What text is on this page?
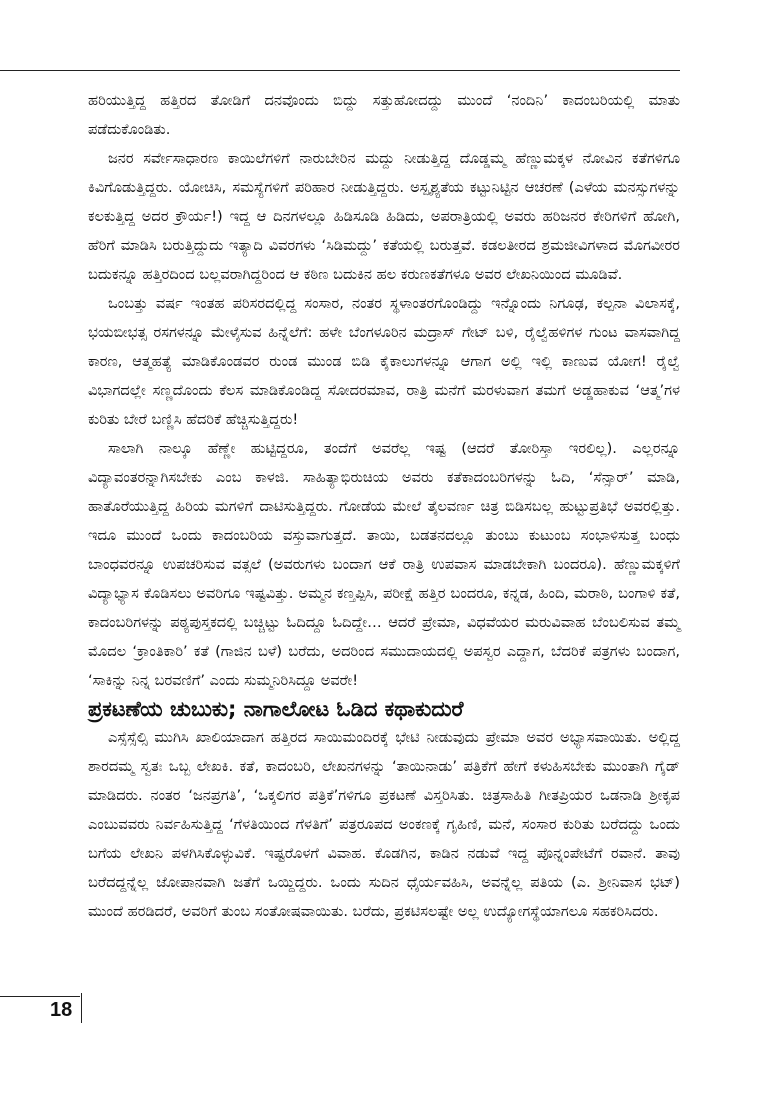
ಹರಿಯುತ್ತಿದ್ದ ಹತ್ತಿರದ ತೋಡಿಗೆ ದನವೊಂದು ಬಿದ್ದು ಸತ್ತುಹೋದದ್ದು ಮುಂದೆ ‘ನಂದಿನಿ’ ಕಾದಂಬರಿಯಲ್ಲಿ ಮಾತು ಪಡೆದುಕೊಂಡಿತು.

ಜನರ ಸರ್ವೇಸಾಧಾರಣ ಕಾಯಿಲೆಗಳಿಗೆ ನಾರುಬೇರಿನ ಮದ್ದು ನೀಡುತ್ತಿದ್ದ ದೊಡ್ಡಮ್ಮ ಹೆಣ್ಣುಮಕ್ಕಳ ನೋವಿನ ಕತೆಗಳಿಗೂ ಕಿವಿಗೊಡುತ್ತಿದ್ದರು. ಯೋಚಿಸಿ, ಸಮಸ್ಯೆಗಳಿಗೆ ಪರಿಹಾರ ನೀಡುತ್ತಿದ್ದರು. ಅಸ್ಪೃಶ್ಯತೆಯ ಕಟ್ಟುನಿಟ್ಟಿನ ಆಚರಣೆ (ಎಳೆಯ ಮನಸ್ಸುಗಳನ್ನು ಕಲಕುತ್ತಿದ್ದ ಅದರ ಕ್ರೌರ್ಯ!) ಇದ್ದ ಆ ದಿನಗಳಲ್ಲೂ ಹಿಡಿಸೂಡಿ ಹಿಡಿದು, ಅಪರಾತ್ರಿಯಲ್ಲಿ ಅವರು ಹರಿಜನರ ಕೇರಿಗಳಿಗೆ ಹೋಗಿ, ಹೆರಿಗೆ ಮಾಡಿಸಿ ಬರುತ್ತಿದ್ದುದು ಇತ್ಯಾದಿ ವಿವರಗಳು ‘ಸಿಡಿಮದ್ದು’ ಕತೆಯಲ್ಲಿ ಬರುತ್ತವೆ. ಕಡಲತೀರದ ಶ್ರಮಜೀವಿಗಳಾದ ಮೊಗವೀರರ ಬದುಕನ್ನೂ ಹತ್ತಿರದಿಂದ ಬಲ್ಲವರಾಗಿದ್ದರಿಂದ ಆ ಕಠಿಣ ಬದುಕಿನ ಹಲ ಕರುಣಕತೆಗಳೂ ಅವರ ಲೇಖನಿಯಿಂದ ಮೂಡಿವೆ.

ಒಂಬತ್ತು ವರ್ಷ ಇಂತಹ ಪರಿಸರದಲ್ಲಿದ್ದ ಸಂಸಾರ, ನಂತರ ಸ್ಥಳಾಂತರಗೊಂಡಿದ್ದು ಇನ್ನೊಂದು ನಿಗೂಢ, ಕಲ್ಪನಾ ವಿಲಾಸಕ್ಕೆ, ಭಯಬೀಭತ್ಸ ರಸಗಳನ್ನೂ ಮೇಳೈಸುವ ಹಿನ್ನೆಲೆಗೆ: ಹಳೇ ಬೆಂಗಳೂರಿನ ಮದ್ರಾಸ್ ಗೇಟ್ ಬಳಿ, ರೈಲ್ವೆಹಳಿಗಳ ಗುಂಟ ವಾಸವಾಗಿದ್ದ ಕಾರಣ, ಆತ್ಮಹತ್ಯೆ ಮಾಡಿಕೊಂಡವರ ರುಂಡ ಮುಂಡ ಬಿಡಿ ಕೈಕಾಲುಗಳನ್ನೂ ಆಗಾಗ ಅಲ್ಲಿ ಇಲ್ಲಿ ಕಾಣುವ ಯೋಗ! ರೈಲ್ವೆ ವಿಭಾಗದಲ್ಲೇ ಸಣ್ಣದೊಂದು ಕೆಲಸ ಮಾಡಿಕೊಂಡಿದ್ದ ಸೋದರಮಾವ, ರಾತ್ರಿ ಮನೆಗೆ ಮರಳುವಾಗ ತಮಗೆ ಅಡ್ಡಹಾಕುವ ‘ಆತ್ಮ’ಗಳ ಕುರಿತು ಬೇರೆ ಬಣ್ಣಿಸಿ ಹೆದರಿಕೆ ಹೆಚ್ಚಿಸುತ್ತಿದ್ದರು!

ಸಾಲಾಗಿ ನಾಲ್ಕೂ ಹೆಣ್ಣೇ ಹುಟ್ಟಿದ್ದರೂ, ತಂದೆಗೆ ಅವರೆಲ್ಲ ಇಷ್ಟ (ಆದರೆ ತೋರಿಸ್ತಾ ಇರಲಿಲ್ಲ). ಎಲ್ಲರನ್ನೂ ವಿದ್ಯಾವಂತರನ್ನಾಗಿಸಬೇಕು ಎಂಬ ಕಾಳಜಿ. ಸಾಹಿತ್ಯಾಭಿರುಚಿಯ ಅವರು ಕತೆಕಾದಂಬರಿಗಳನ್ನು ಓದಿ, ‘ಸೆನ್ಸಾರ್’ ಮಾಡಿ, ಹಾತೊರೆಯುತ್ತಿದ್ದ ಹಿರಿಯ ಮಗಳಿಗೆ ದಾಟಿಸುತ್ತಿದ್ದರು. ಗೋಡೆಯ ಮೇಲೆ ತೈಲವರ್ಣ ಚಿತ್ರ ಬಿಡಿಸಬಲ್ಲ ಹುಟ್ಟುಪ್ರತಿಭೆ ಅವರಲ್ಲಿತ್ತು. ಇದೂ ಮುಂದೆ ಒಂದು ಕಾದಂಬರಿಯ ವಸ್ತುವಾಗುತ್ತದೆ. ತಾಯಿ, ಬಡತನದಲ್ಲೂ ತುಂಬು ಕುಟುಂಬ ಸಂಭಾಳಿಸುತ್ತ ಬಂಧು ಬಾಂಧವರನ್ನೂ ಉಪಚರಿಸುವ ವತ್ಸಲೆ (ಅವರುಗಳು ಬಂದಾಗ ಆಕೆ ರಾತ್ರಿ ಉಪವಾಸ ಮಾಡಬೇಕಾಗಿ ಬಂದರೂ). ಹೆಣ್ಣುಮಕ್ಕಳಿಗೆ ವಿದ್ಯಾಭ್ಯಾಸ ಕೊಡಿಸಲು ಅವರಿಗೂ ಇಷ್ಟವಿತ್ತು. ಅಮ್ಮನ ಕಣ್ತಪ್ಪಿಸಿ, ಪರೀಕ್ಷೆ ಹತ್ತಿರ ಬಂದರೂ, ಕನ್ನಡ, ಹಿಂದಿ, ಮರಾಠಿ, ಬಂಗಾಳಿ ಕತೆ, ಕಾದಂಬರಿಗಳನ್ನು ಪಠ್ಯಪುಸ್ತಕದಲ್ಲಿ ಬಚ್ಚಿಟ್ಟು ಓದಿದ್ದೂ ಓದಿದ್ದೇ… ಆದರೆ ಪ್ರೇಮಾ, ವಿಧವೆಯರ ಮರುವಿವಾಹ ಬೆಂಬಲಿಸುವ ತಮ್ಮ ಮೊದಲ ‘ಕ್ರಾಂತಿಕಾರಿ’ ಕತೆ (ಗಾಜಿನ ಬಳೆ) ಬರೆದು, ಅದರಿಂದ ಸಮುದಾಯದಲ್ಲಿ ಅಪಸ್ವರ ಎದ್ದಾಗ, ಬೆದರಿಕೆ ಪತ್ರಗಳು ಬಂದಾಗ, ‘ಸಾಕಿನ್ನು ನಿನ್ನ ಬರವಣಿಗೆ’ ಎಂದು ಸುಮ್ಮನಿರಿಸಿದ್ದೂ ಅವರೇ!

ಪ್ರಕಟಣೆಯ ಚುಬುಕು; ನಾಗಾಲೋಟ ಓಡಿದ ಕಥಾಕುದುರೆ

ಎಸ್ಸೆಸ್ಸೆಲ್ಸಿ ಮುಗಿಸಿ ಖಾಲಿಯಾದಾಗ ಹತ್ತಿರದ ಸಾಯಿಮಂದಿರಕ್ಕೆ ಭೇಟಿ ನೀಡುವುದು ಪ್ರೇಮಾ ಅವರ ಅಭ್ಯಾಸವಾಯಿತು. ಅಲ್ಲಿದ್ದ ಶಾರದಮ್ಮ ಸ್ವತಃ ಒಬ್ಬ ಲೇಖಕಿ. ಕತೆ, ಕಾದಂಬರಿ, ಲೇಖನಗಳನ್ನು ‘ತಾಯಿನಾಡು’ ಪತ್ರಿಕೆಗೆ ಹೇಗೆ ಕಳುಹಿಸಬೇಕು ಮುಂತಾಗಿ ಗೈಡ್ ಮಾಡಿದರು. ನಂತರ ‘ಜನಪ್ರಗತಿ’, ‘ಒಕ್ಕಲಿಗರ ಪತ್ರಿಕೆ’ಗಳಿಗೂ ಪ್ರಕಟಣೆ ವಿಸ್ತರಿಸಿತು. ಚಿತ್ರಸಾಹಿತಿ ಗೀತಪ್ರಿಯರ ಒಡನಾಡಿ ಶ್ರೀಕೃಪ ಎಂಬುವವರು ನಿರ್ವಹಿಸುತ್ತಿದ್ದ ‘ಗೆಳತಿಯಿಂದ ಗೆಳತಿಗೆ’ ಪತ್ರರೂಪದ ಅಂಕಣಕ್ಕೆ ಗೃಹಿಣಿ, ಮನೆ, ಸಂಸಾರ ಕುರಿತು ಬರೆದದ್ದು ಒಂದು ಬಗೆಯ ಲೇಖನಿ ಪಳಗಿಸಿಕೊಳ್ಳುವಿಕೆ. ಇಷ್ಟರೊಳಗೆ ವಿವಾಹ. ಕೊಡಗಿನ, ಕಾಡಿನ ನಡುವೆ ಇದ್ದ ಪೊನ್ನಂಪೇಟೆಗೆ ರವಾನೆ. ತಾವು ಬರೆದದ್ದನ್ನೆಲ್ಲ ಜೋಪಾನವಾಗಿ ಜತೆಗೆ ಒಯ್ದಿದ್ದರು. ಒಂದು ಸುದಿನ ಧೈರ್ಯವಹಿಸಿ, ಅವನ್ನೆಲ್ಲ ಪತಿಯ (ಎ. ಶ್ರೀನಿವಾಸ ಭಟ್) ಮುಂದೆ ಹರಡಿದರೆ, ಅವರಿಗೆ ತುಂಬ ಸಂತೋಷವಾಯಿತು. ಬರೆದು, ಪ್ರಕಟಿಸಲಷ್ಟೇ ಅಲ್ಲ ಉದ್ಯೋಗಸ್ಥೆಯಾಗಲೂ ಸಹಕರಿಸಿದರು.

18
